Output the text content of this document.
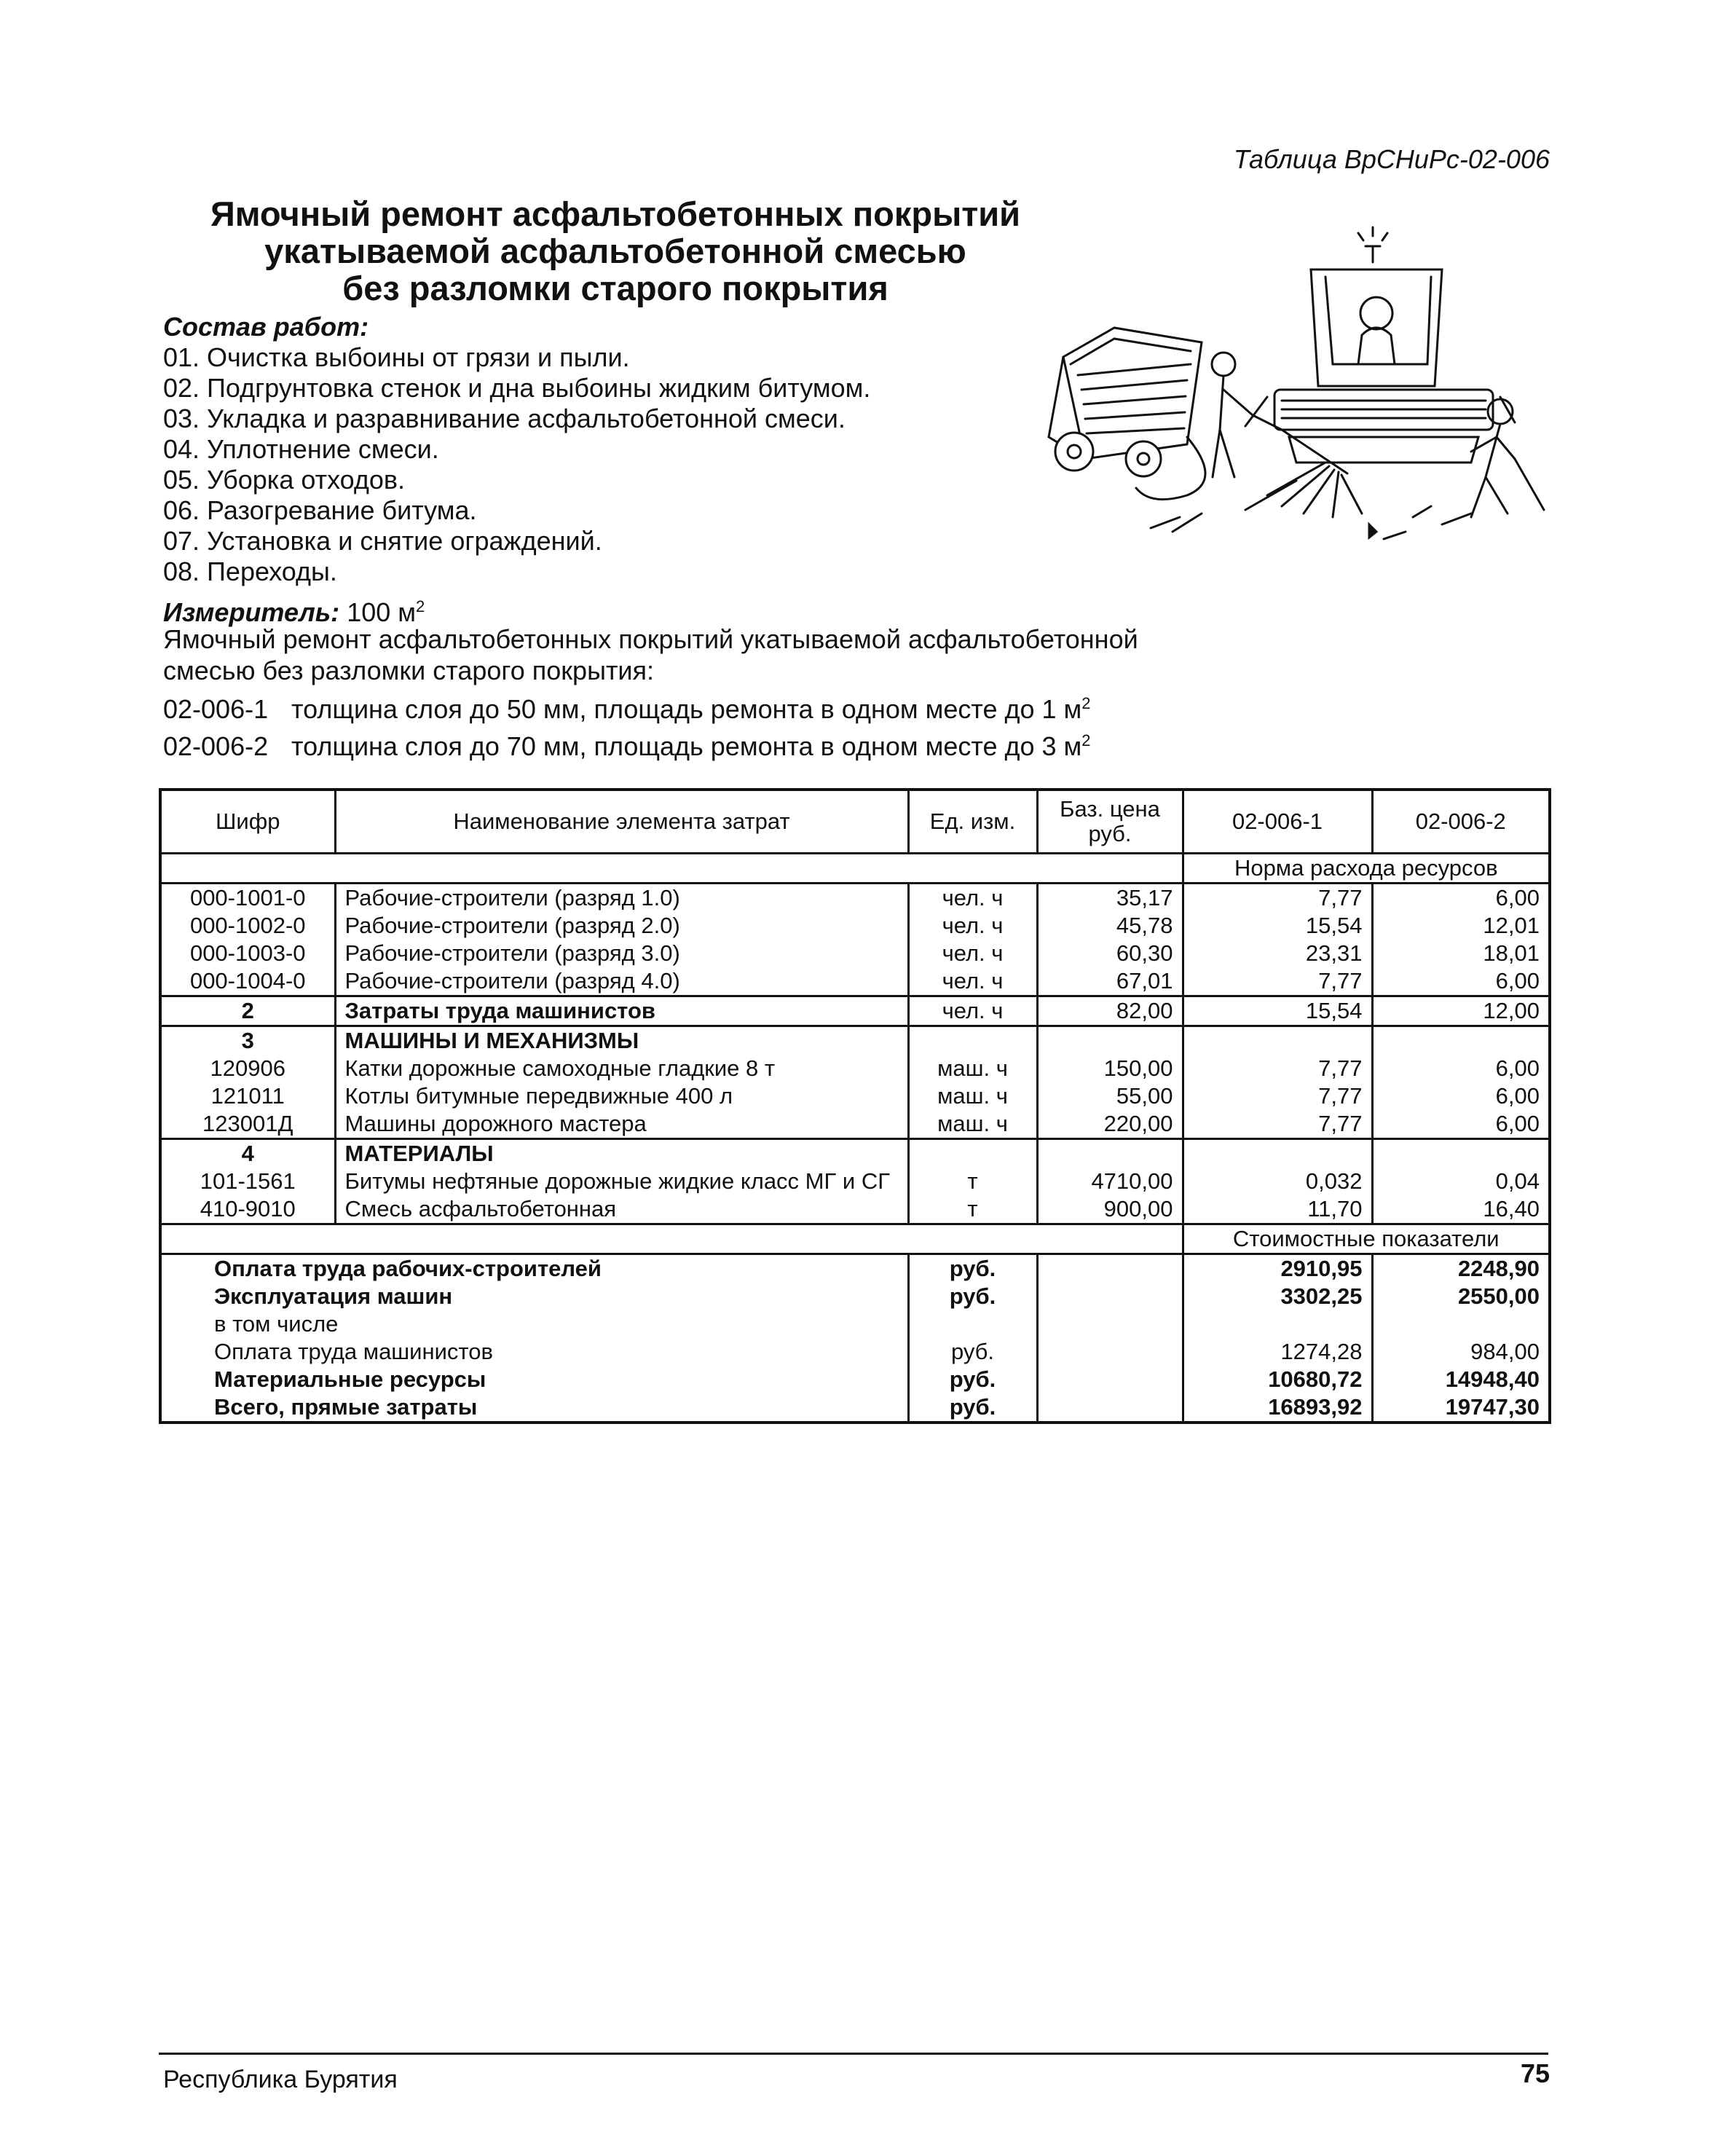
Таблица ВрСНиРс-02-006
Ямочный ремонт асфальтобетонных покрытий
укатываемой асфальтобетонной смесью
без разломки старого покрытия
Состав работ:
01. Очистка выбоины от грязи и пыли.
02. Подгрунтовка стенок и дна выбоины жидким битумом.
03. Укладка и разравнивание асфальтобетонной смеси.
04. Уплотнение смеси.
05. Уборка отходов.
06. Разогревание битума.
07. Установка и снятие ограждений.
08. Переходы.
Измеритель: 100 $м^2$
Ямочный ремонт асфальтобетонных покрытий укатываемой асфальтобетонной смесью без разломки старого покрытия:
02-006-1 толщина слоя до 50 мм, площадь ремонта в одном месте до 1 $м^2$
02-006-2 толщина слоя до 70 мм, площадь ремонта в одном месте до 3 $м^2$
Шифр	Наименование элемента затрат	Ед. изм.	Баз. цена руб.	02-006-1	02-006-2
				Норма расхода ресурсов	
000-1001-0	Рабочие-строители (разряд 1.0)	чел. ч	35,17	7,77	6,00
000-1002-0	Рабочие-строители (разряд 2.0)	чел. ч	45,78	15,54	12,01
000-1003-0	Рабочие-строители (разряд 3.0)	чел. ч	60,30	23,31	18,01
000-1004-0	Рабочие-строители (разряд 4.0)	чел. ч	67,01	7,77	6,00
2	Затраты труда машинистов	чел. ч	82,00	15,54	12,00
3	МАШИНЫ И МЕХАНИЗМЫ				
120906	Катки дорожные самоходные гладкие 8 т	маш. ч	150,00	7,77	6,00
121011	Котлы битумные передвижные 400 л	маш. ч	55,00	7,77	6,00
123001Д	Машины дорожного мастера	маш. ч	220,00	7,77	6,00
4	МАТЕРИАЛЫ				
101-1561	Битумы нефтяные дорожные жидкие класс МГ и СГ	т	4710,00	0,032	0,04
410-9010	Смесь асфальтобетонная	т	900,00	11,70	16,40
				Стоимостные показатели	
Оплата труда рабочих-строителей		руб.		2910,95	2248,90
Эксплуатация машин		руб.		3302,25	2550,00
в том числе					
Оплата труда машинистов		руб.		1274,28	984,00
Материальные ресурсы		руб.		10680,72	14948,40
Всего, прямые затраты		руб.		16893,92	19747,30
Республика Бурятия	75
